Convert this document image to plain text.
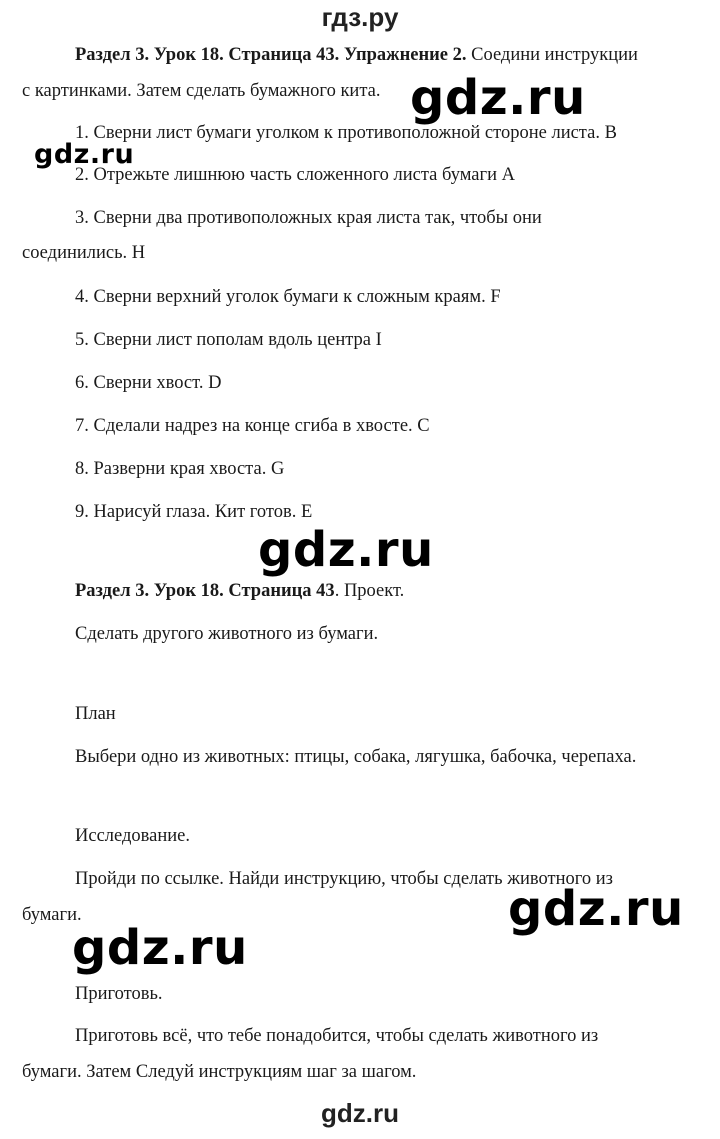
гдз.ру
Раздел 3. Урок 18. Страница 43. Упражнение 2. Соедини инструкции
с картинками. Затем сделать бумажного кита.
1. Сверни лист бумаги уголком к противоположной стороне листа. B
2. Отрежьте лишнюю часть сложенного листа бумаги A
3. Сверни два противоположных края листа так, чтобы они
соединились. H
4. Сверни верхний уголок бумаги к сложным краям. F
5. Сверни лист пополам вдоль центра I
6. Сверни хвост. D
7. Сделали надрез на конце сгиба в хвосте. C
8. Разверни края хвоста. G
9. Нарисуй глаза. Кит готов. E
Раздел 3. Урок 18. Страница 43. Проект.
Сделать другого животного из бумаги.
План
Выбери одно из животных: птицы, собака, лягушка, бабочка, черепаха.
Исследование.
Пройди по ссылке. Найди инструкцию, чтобы сделать животного из
бумаги.
Приготовь.
Приготовь всё, что тебе понадобится, чтобы сделать животного из
бумаги. Затем Следуй инструкциям шаг за шагом.
gdz.ru
gdz.ru
gdz.ru
gdz.ru
gdz.ru
gdz.ru
